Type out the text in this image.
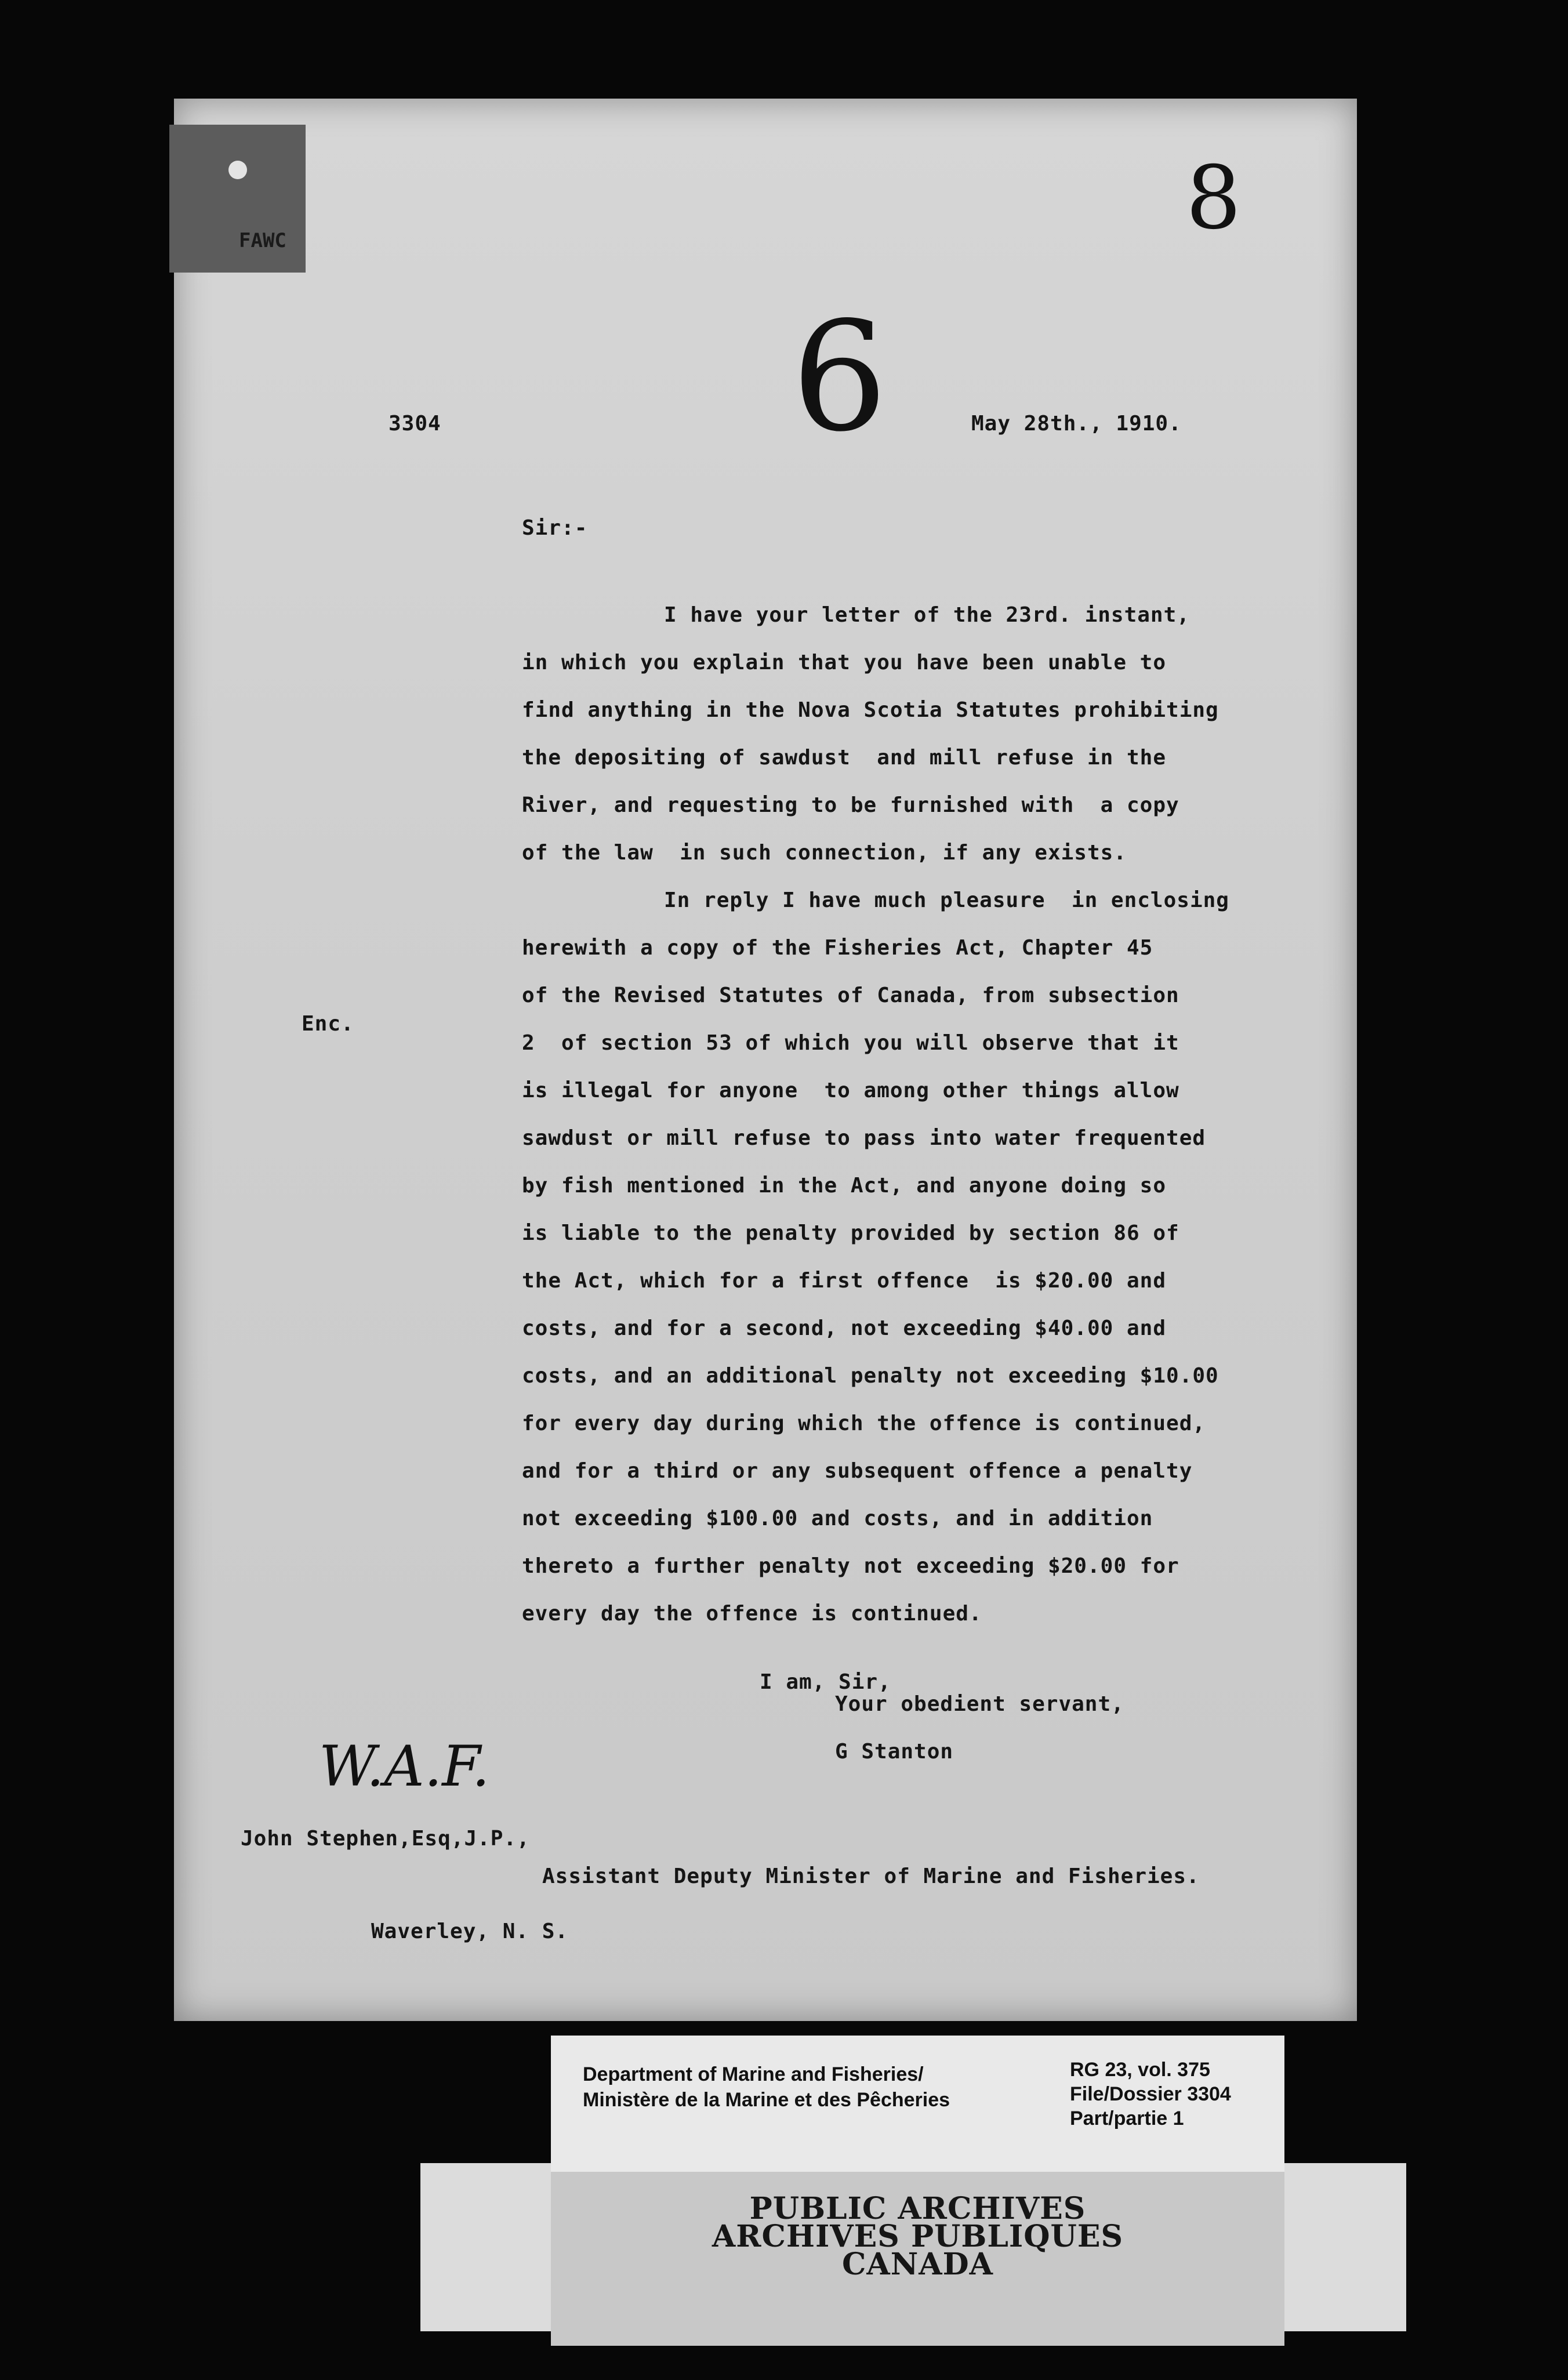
FAWC	8
6
3304	May 28th., 1910.
Sir:-
I have your letter of the 23rd. instant,
in which you explain that you have been unable to
find anything in the Nova Scotia Statutes prohibiting
the depositing of sawdust  and mill refuse in the
River, and requesting to be furnished with  a copy
of the law  in such connection, if any exists.
In reply I have much pleasure  in enclosing
herewith a copy of the Fisheries Act, Chapter 45
of the Revised Statutes of Canada, from subsection
2  of section 53 of which you will observe that it
is illegal for anyone  to among other things allow
sawdust or mill refuse to pass into water frequented
by fish mentioned in the Act, and anyone doing so
is liable to the penalty provided by section 86 of
the Act, which for a first offence  is $20.00 and
costs, and for a second, not exceeding $40.00 and
costs, and an additional penalty not exceeding $10.00
for every day during which the offence is continued,
and for a third or any subsequent offence a penalty
not exceeding $100.00 and costs, and in addition
thereto a further penalty not exceeding $20.00 for
every day the offence is continued.
Enc.
I am, Sir,
Your obedient servant,
G Stanton
W.A.F.
John Stephen,Esq,J.P.,
Assistant Deputy Minister of Marine and Fisheries.
Waverley, N. S.
Department of Marine and Fisheries/
Ministère de la Marine et des Pêcheries
RG 23, vol. 375
File/Dossier 3304
Part/partie 1
PUBLIC ARCHIVES
ARCHIVES PUBLIQUES
CANADA
